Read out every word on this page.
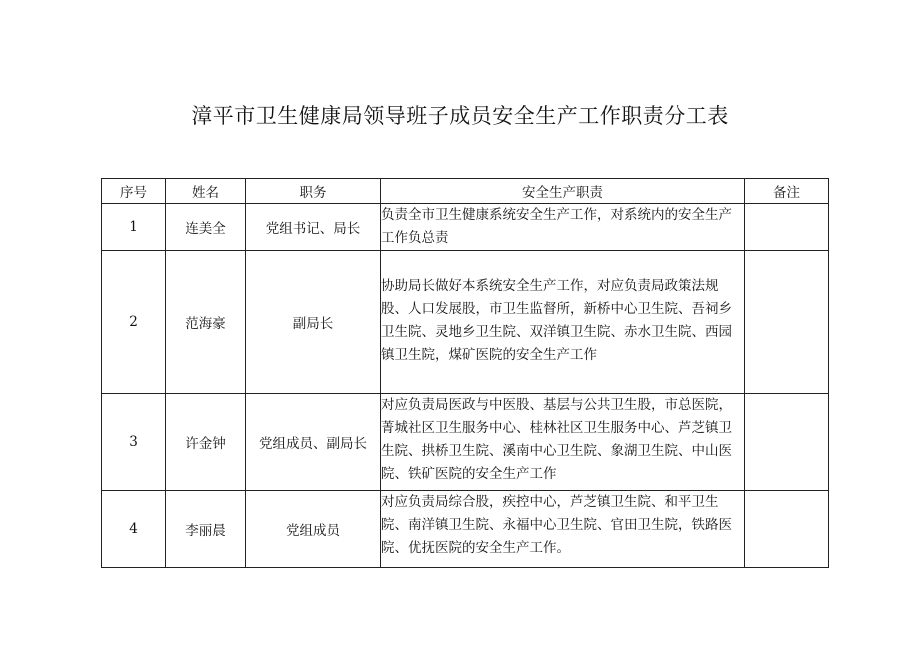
漳平市卫生健康局领导班子成员安全生产工作职责分工表
序号	姓名	职务	安全生产职责	备注
1	连美全	党组书记、局长	负责全市卫生健康系统安全生产工作，对系统内的安全生产工作负总责	
2	范海豪	副局长	协助局长做好本系统安全生产工作，对应负责局政策法规股、人口发展股，市卫生监督所，新桥中心卫生院、吾祠乡卫生院、灵地乡卫生院、双洋镇卫生院、赤水卫生院、西园镇卫生院，煤矿医院的安全生产工作	
3	许金钟	党组成员、副局长	对应负责局医政与中医股、基层与公共卫生股，市总医院，菁城社区卫生服务中心、桂林社区卫生服务中心、芦芝镇卫生院、拱桥卫生院、溪南中心卫生院、象湖卫生院、中山医院、铁矿医院的安全生产工作	
4	李丽晨	党组成员	对应负责局综合股，疾控中心，芦芝镇卫生院、和平卫生院、南洋镇卫生院、永福中心卫生院、官田卫生院，铁路医院、优抚医院的安全生产工作。	
